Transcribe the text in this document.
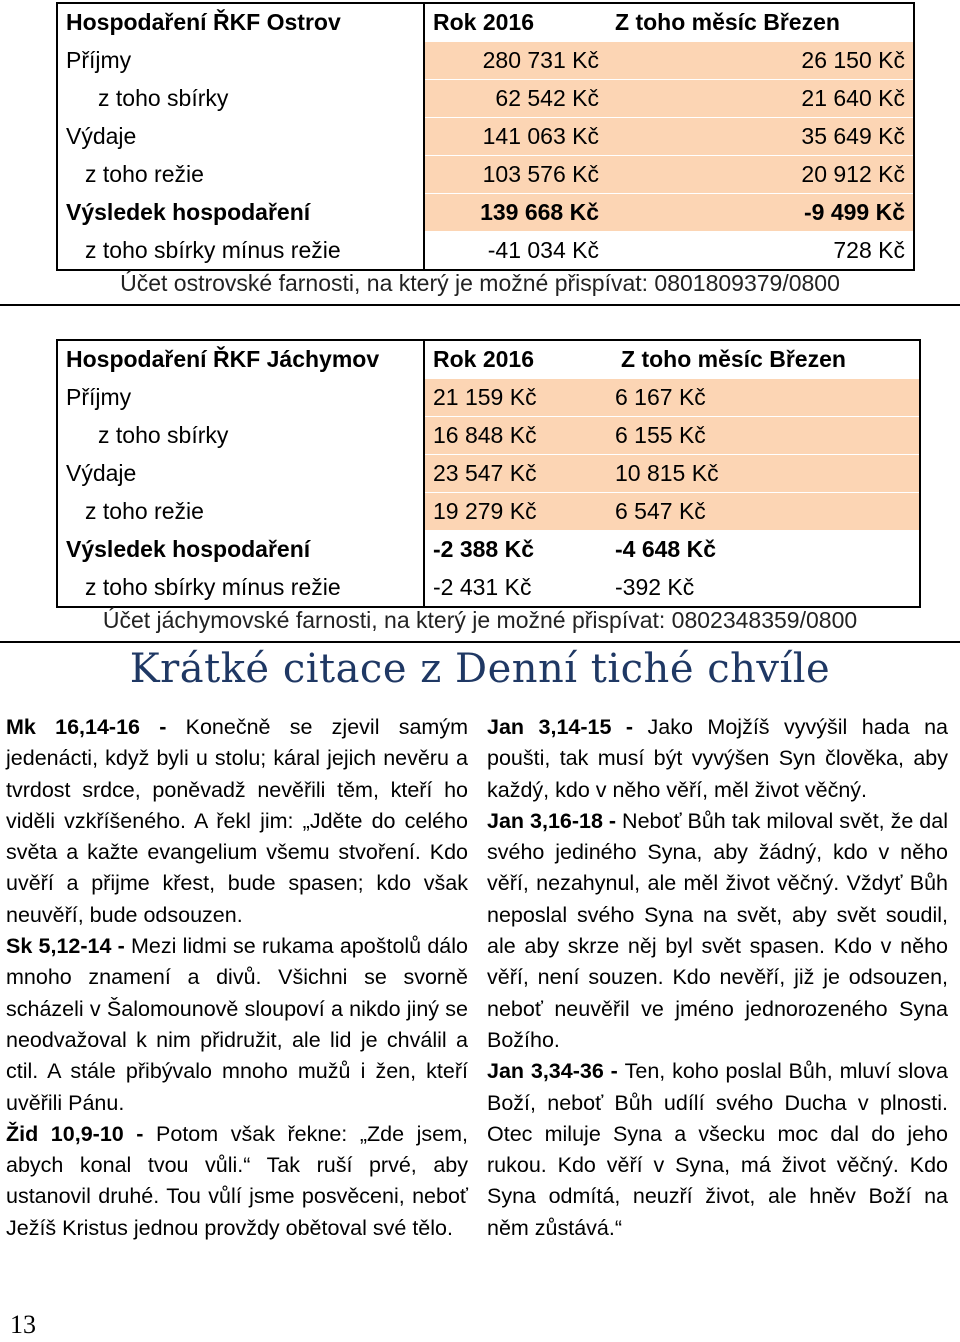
Hospodaření ŘKF Ostrov	Rok 2016	Z toho měsíc Březen
Příjmy	280 731 Kč	26 150 Kč
z toho sbírky	62 542 Kč	21 640 Kč
Výdaje	141 063 Kč	35 649 Kč
z toho režie	103 576 Kč	20 912 Kč
Výsledek hospodaření	139 668 Kč	-9 499 Kč
z toho sbírky mínus režie	-41 034 Kč	728 Kč
Účet ostrovské farnosti, na který je možné přispívat: 0801809379/0800
Hospodaření ŘKF Jáchymov	Rok 2016	Z toho měsíc Březen
Příjmy	21 159 Kč	6 167 Kč
z toho sbírky	16 848 Kč	6 155 Kč
Výdaje	23 547 Kč	10 815 Kč
z toho režie	19 279 Kč	6 547 Kč
Výsledek hospodaření	-2 388 Kč	-4 648 Kč
z toho sbírky mínus režie	-2 431 Kč	-392 Kč
Účet jáchymovské farnosti, na který je možné přispívat: 0802348359/0800
Krátké citace z Denní tiché chvíle

Mk 16,14-16 - Konečně se zjevil samým jedenácti, když byli u stolu; káral jejich nevěru a tvrdost srdce, poněvadž nevěřili těm, kteří ho viděli vzkříšeného. A řekl jim: „Jděte do celého světa a kažte evangelium všemu stvoření. Kdo uvěří a přijme křest, bude spasen; kdo však neuvěří, bude odsouzen.

Sk 5,12-14 - Mezi lidmi se rukama apoštolů dálo mnoho znamení a divů. Všichni se svorně scházeli v Šalomounově sloupoví a nikdo jiný se neodvažoval k nim přidružit, ale lid je chválil a ctil. A stále přibývalo mnoho mužů i žen, kteří uvěřili Pánu.

Žid 10,9-10 - Potom však řekne: „Zde jsem, abych konal tvou vůli.“ Tak ruší prvé, aby ustanovil druhé. Tou vůlí jsme posvěceni, neboť Ježíš Kristus jednou provždy obětoval své tělo.

Jan 3,14-15 - Jako Mojžíš vyvýšil hada na poušti, tak musí být vyvýšen Syn člověka, aby každý, kdo v něho věří, měl život věčný.

Jan 3,16-18 - Neboť Bůh tak miloval svět, že dal svého jediného Syna, aby žádný, kdo v něho věří, nezahynul, ale měl život věčný. Vždyť Bůh neposlal svého Syna na svět, aby svět soudil, ale aby skrze něj byl svět spasen. Kdo v něho věří, není souzen. Kdo nevěří, již je odsouzen, neboť neuvěřil ve jméno jednorozeného Syna Božího.

Jan 3,34-36 - Ten, koho poslal Bůh, mluví slova Boží, neboť Bůh udílí svého Ducha v plnosti. Otec miluje Syna a všecku moc dal do jeho rukou. Kdo věří v Syna, má život věčný. Kdo Syna odmítá, neuzří život, ale hněv Boží na něm zůstává.“

13
